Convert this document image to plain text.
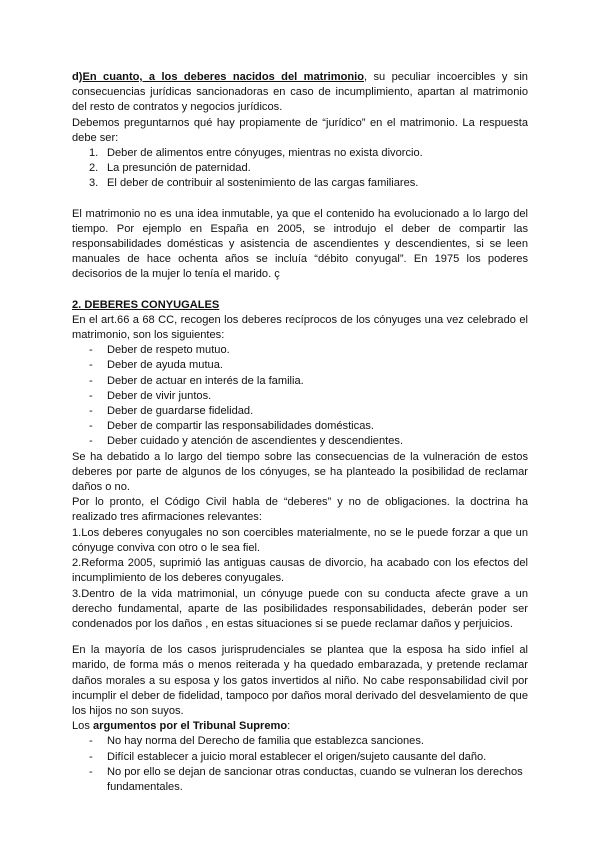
d)En cuanto, a los deberes nacidos del matrimonio, su peculiar incoercibles y sin consecuencias jurídicas sancionadoras en caso de incumplimiento, apartan al matrimonio del resto de contratos y negocios jurídicos.

Debemos preguntarnos qué hay propiamente de “jurídico” en el matrimonio. La respuesta debe ser:

1. Deber de alimentos entre cónyuges, mientras no exista divorcio.
2. La presunción de paternidad.
3. El deber de contribuir al sostenimiento de las cargas familiares.

El matrimonio no es una idea inmutable, ya que el contenido ha evolucionado a lo largo del tiempo. Por ejemplo en España en 2005, se introdujo el deber de compartir las responsabilidades domésticas y asistencia de ascendientes y descendientes, si se leen manuales de hace ochenta años se incluía “débito conyugal”. En 1975 los poderes decisorios de la mujer lo tenía el marido. ç

2. DEBERES CONYUGALES

En el art.66 a 68 CC, recogen los deberes recíprocos de los cónyuges una vez celebrado el matrimonio, son los siguientes:

- Deber de respeto mutuo.
- Deber de ayuda mutua.
- Deber de actuar en interés de la familia.
- Deber de vivir juntos.
- Deber de guardarse fidelidad.
- Deber de compartir las responsabilidades domésticas.
- Deber cuidado y atención de ascendientes y descendientes.

Se ha debatido a lo largo del tiempo sobre las consecuencias de la vulneración de estos deberes por parte de algunos de los cónyuges, se ha planteado la posibilidad de reclamar daños o no.

Por lo pronto, el Código Civil habla de “deberes” y no de obligaciones. la doctrina ha realizado tres afirmaciones relevantes:

1.Los deberes conyugales no son coercibles materialmente, no se le puede forzar a que un cónyuge conviva con otro o le sea fiel.

2.Reforma 2005, suprimió las antiguas causas de divorcio, ha acabado con los efectos del incumplimiento de los deberes conyugales.

3.Dentro de la vida matrimonial, un cónyuge puede con su conducta afecte grave a un derecho fundamental, aparte de las posibilidades responsabilidades, deberán poder ser condenados por los daños , en estas situaciones si se puede reclamar daños y perjuicios.

En la mayoría de los casos jurisprudenciales se plantea que la esposa ha sido infiel al marido, de forma más o menos reiterada y ha quedado embarazada, y pretende reclamar daños morales a su esposa y los gatos invertidos al niño. No cabe responsabilidad civil por incumplir el deber de fidelidad, tampoco por daños moral derivado del desvelamiento de que los hijos no son suyos.

Los argumentos por el Tribunal Supremo:

- No hay norma del Derecho de familia que establezca sanciones.
- Difícil establecer a juicio moral establecer el origen/sujeto causante del daño.
- No por ello se dejan de sancionar otras conductas, cuando se vulneran los derechos fundamentales.
